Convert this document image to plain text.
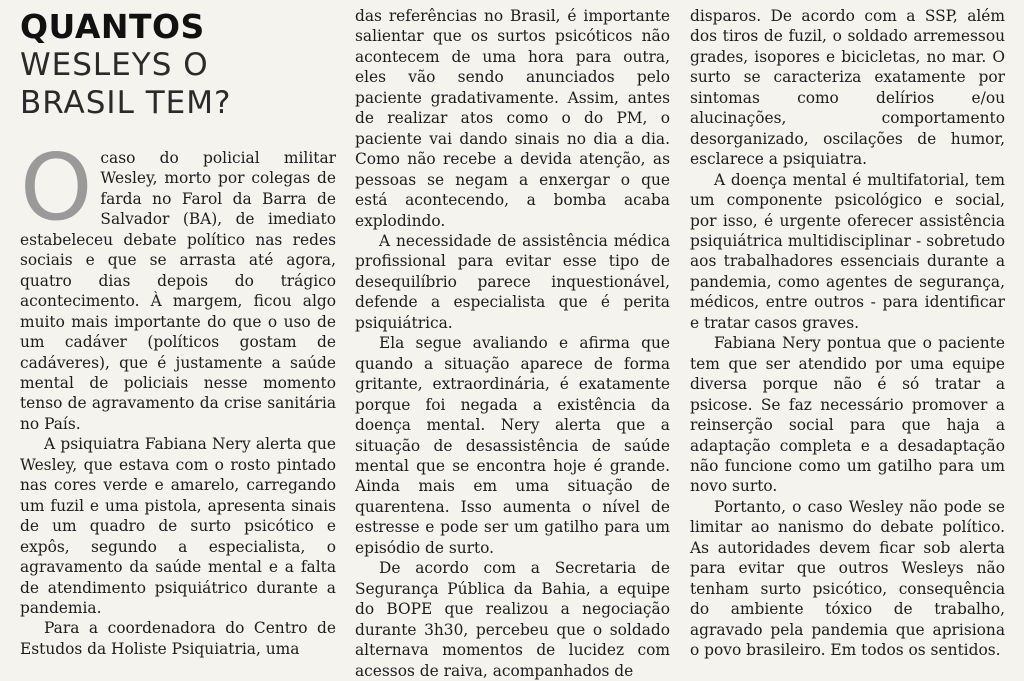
QUANTOS
WESLEYS O
BRASIL TEM?

Ocaso do policial militar Wesley, morto por colegas de farda no Farol da Barra de Salvador (BA), de imediato estabeleceu debate político nas redes sociais e que se arrasta até agora, quatro dias depois do trágico acontecimento. À margem, ficou algo muito mais importante do que o uso de um cadáver (políticos gostam de cadáveres), que é justamente a saúde mental de policiais nesse momento tenso de agravamento da crise sanitária no País.

A psiquiatra Fabiana Nery alerta que Wesley, que estava com o rosto pintado nas cores verde e amarelo, carregando um fuzil e uma pistola, apresenta sinais de um quadro de surto psicótico e expôs, segundo a especialista, o agravamento da saúde mental e a falta de atendimento psiquiátrico durante a pandemia.

Para a coordenadora do Centro de Estudos da Holiste Psiquiatria, uma

das referências no Brasil, é importante salientar que os surtos psicóticos não acontecem de uma hora para outra, eles vão sendo anunciados pelo paciente gradativamente. Assim, antes de realizar atos como o do PM, o paciente vai dando sinais no dia a dia. Como não recebe a devida atenção, as pessoas se negam a enxergar o que está acontecendo, a bomba acaba explodindo.

A necessidade de assistência médica profissional para evitar esse tipo de desequilíbrio parece inquestionável, defende a especialista que é perita psiquiátrica.

Ela segue avaliando e afirma que quando a situação aparece de forma gritante, extraordinária, é exatamente porque foi negada a existência da doença mental. Nery alerta que a situação de desassistência de saúde mental que se encontra hoje é grande. Ainda mais em uma situação de quarentena. Isso aumenta o nível de estresse e pode ser um gatilho para um episódio de surto.

De acordo com a Secretaria de Segurança Pública da Bahia, a equipe do BOPE que realizou a negociação durante 3h30, percebeu que o soldado alternava momentos de lucidez com acessos de raiva, acompanhados de

disparos. De acordo com a SSP, além dos tiros de fuzil, o soldado arremessou grades, isopores e bicicletas, no mar. O surto se caracteriza exatamente por sintomas como delírios e/ou alucinações, comportamento desorganizado, oscilações de humor, esclarece a psiquiatra.

A doença mental é multifatorial, tem um componente psicológico e social, por isso, é urgente oferecer assistência psiquiátrica multidisciplinar - sobretudo aos trabalhadores essenciais durante a pandemia, como agentes de segurança, médicos, entre outros - para identificar e tratar casos graves.

Fabiana Nery pontua que o paciente tem que ser atendido por uma equipe diversa porque não é só tratar a psicose. Se faz necessário promover a reinserção social para que haja a adaptação completa e a desadaptação não funcione como um gatilho para um novo surto.

Portanto, o caso Wesley não pode se limitar ao nanismo do debate político. As autoridades devem ficar sob alerta para evitar que outros Wesleys não tenham surto psicótico, consequência do ambiente tóxico de trabalho, agravado pela pandemia que aprisiona o povo brasileiro. Em todos os sentidos.
